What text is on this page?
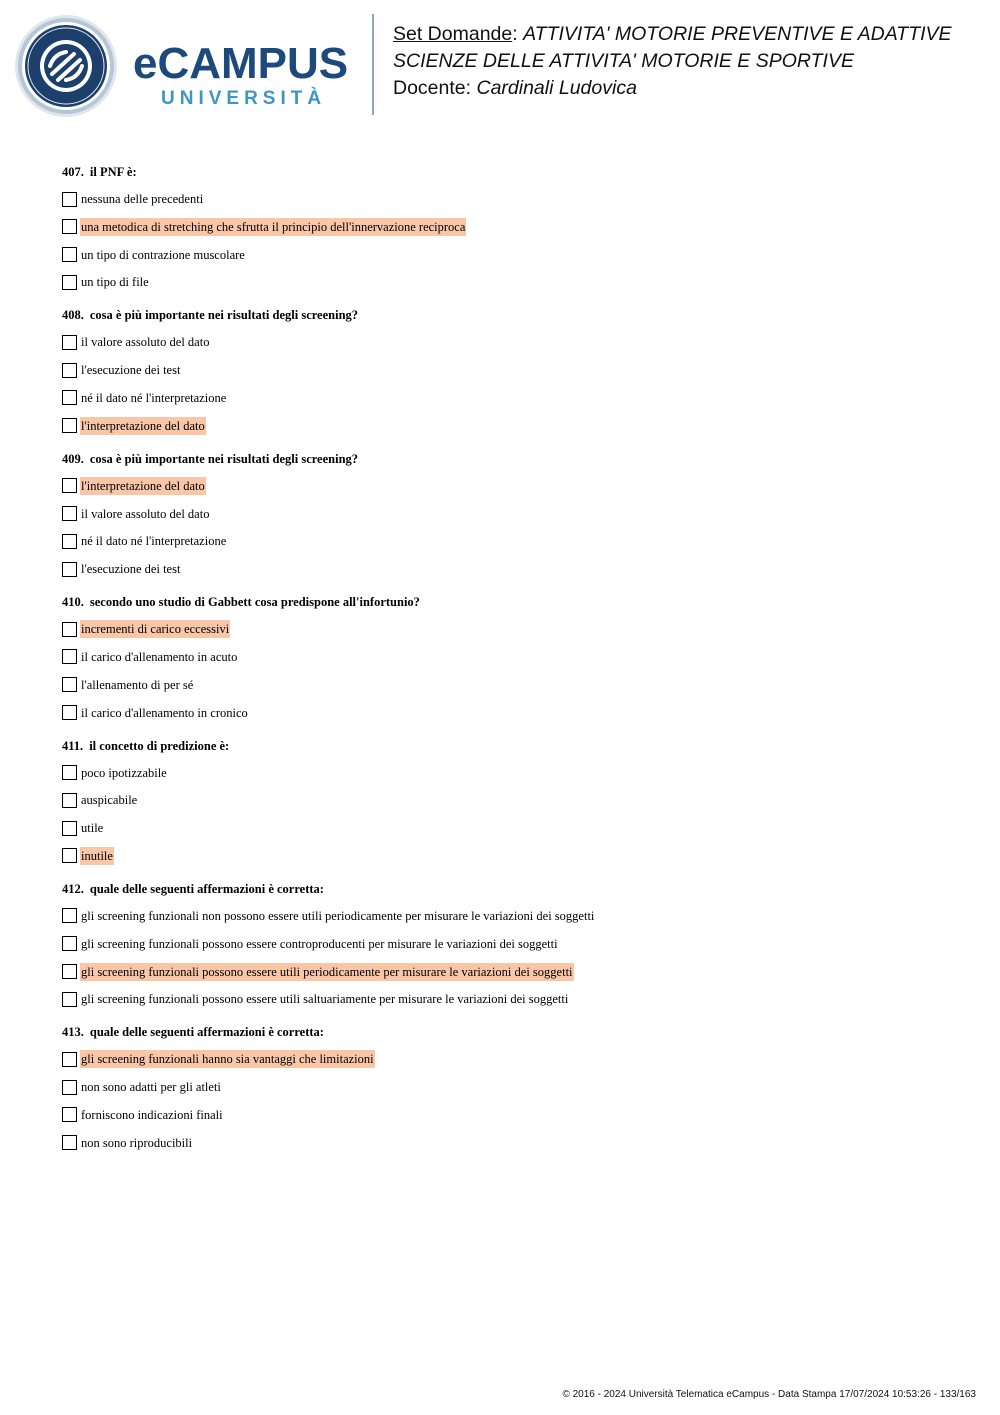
eCAMPUS
UNIVERSITÀ
Set Domande: ATTIVITA' MOTORIE PREVENTIVE E ADATTIVE
SCIENZE DELLE ATTIVITA' MOTORIE E SPORTIVE
Docente: Cardinali Ludovica
407. il PNF è:
nessuna delle precedenti
una metodica di stretching che sfrutta il principio dell'innervazione reciproca
un tipo di contrazione muscolare
un tipo di file
408. cosa è più importante nei risultati degli screening?
il valore assoluto del dato
l'esecuzione dei test
né il dato né l'interpretazione
l'interpretazione del dato
409. cosa è più importante nei risultati degli screening?
l'interpretazione del dato
il valore assoluto del dato
né il dato né l'interpretazione
l'esecuzione dei test
410. secondo uno studio di Gabbett cosa predispone all'infortunio?
incrementi di carico eccessivi
il carico d'allenamento in acuto
l'allenamento di per sé
il carico d'allenamento in cronico
411. il concetto di predizione è:
poco ipotizzabile
auspicabile
utile
inutile
412. quale delle seguenti affermazioni è corretta:
gli screening funzionali non possono essere utili periodicamente per misurare le variazioni dei soggetti
gli screening funzionali possono essere controproducenti per misurare le variazioni dei soggetti
gli screening funzionali possono essere utili periodicamente per misurare le variazioni dei soggetti
gli screening funzionali possono essere utili saltuariamente per misurare le variazioni dei soggetti
413. quale delle seguenti affermazioni è corretta:
gli screening funzionali hanno sia vantaggi che limitazioni
non sono adatti per gli atleti
forniscono indicazioni finali
non sono riproducibili
© 2016 - 2024 Università Telematica eCampus - Data Stampa 17/07/2024 10:53:26 - 133/163
